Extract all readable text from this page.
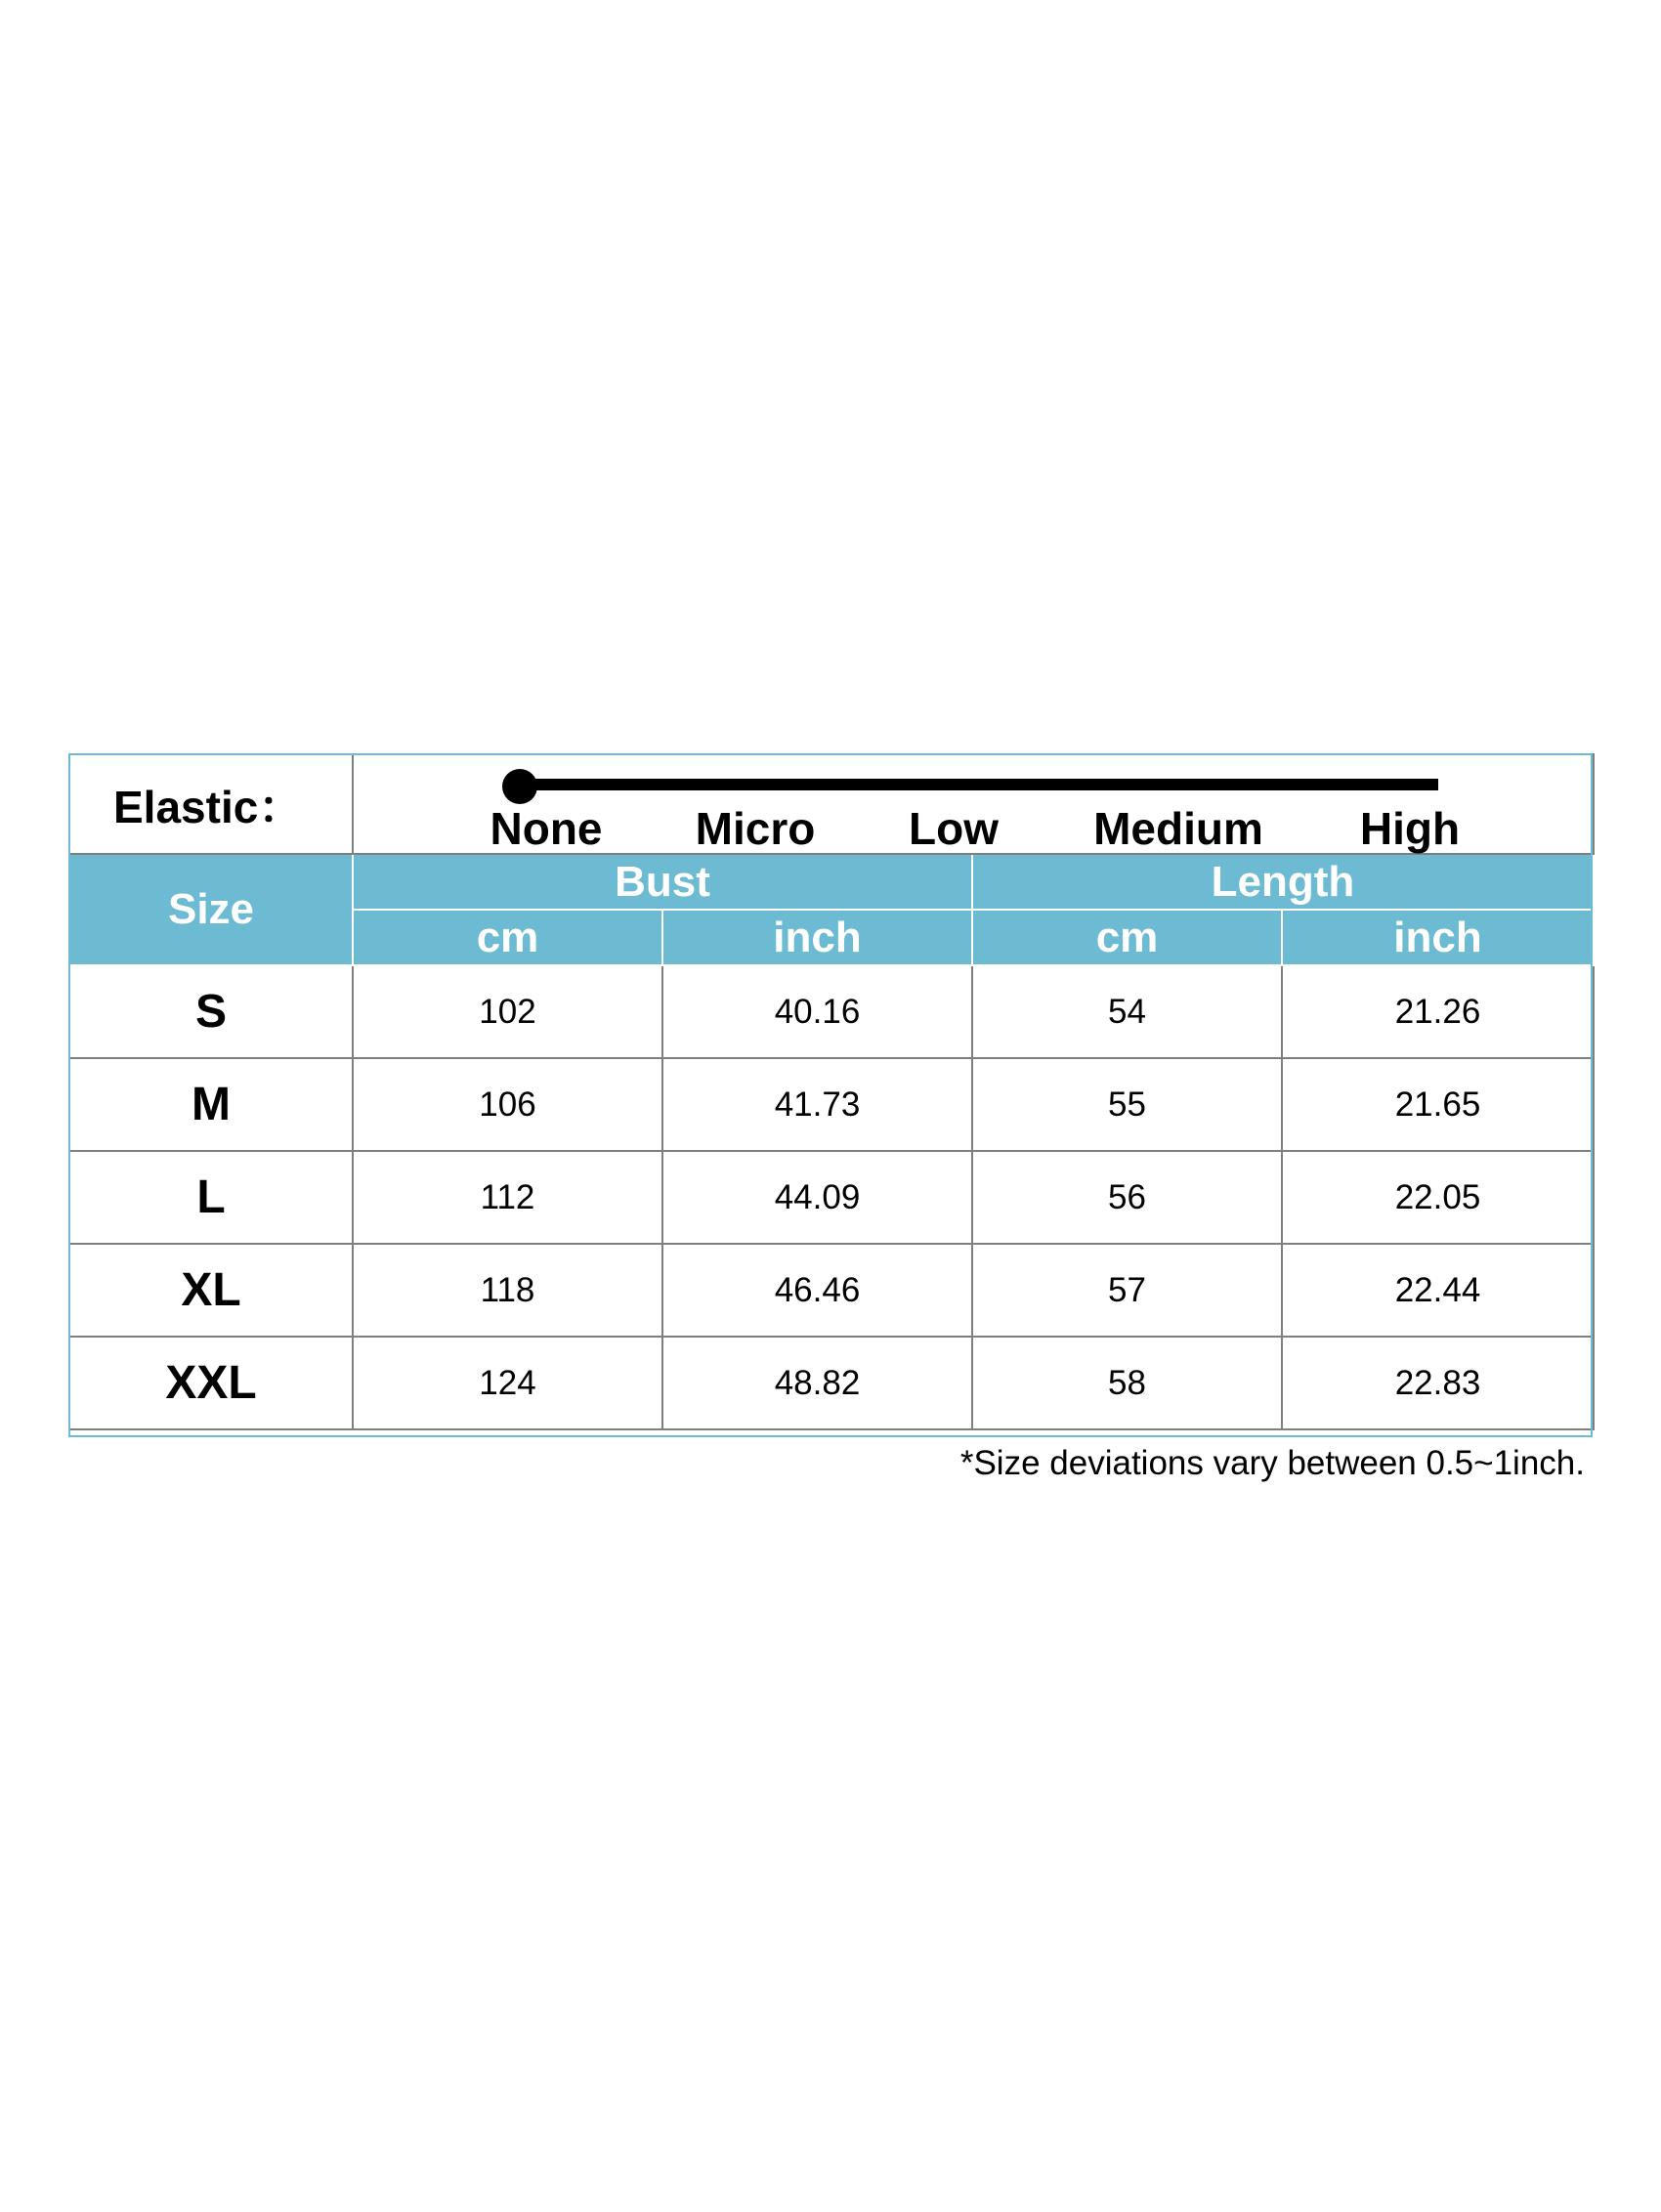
Elastic：	None Micro Low Medium High			

Size	Bust		Length	
	cm	inch	cm	inch
S	102	40.16	54	21.26
M	106	41.73	55	21.65
L	112	44.09	56	22.05
XL	118	46.46	57	22.44
XXL	124	48.82	58	22.83
*Size deviations vary between 0.5~1inch.
